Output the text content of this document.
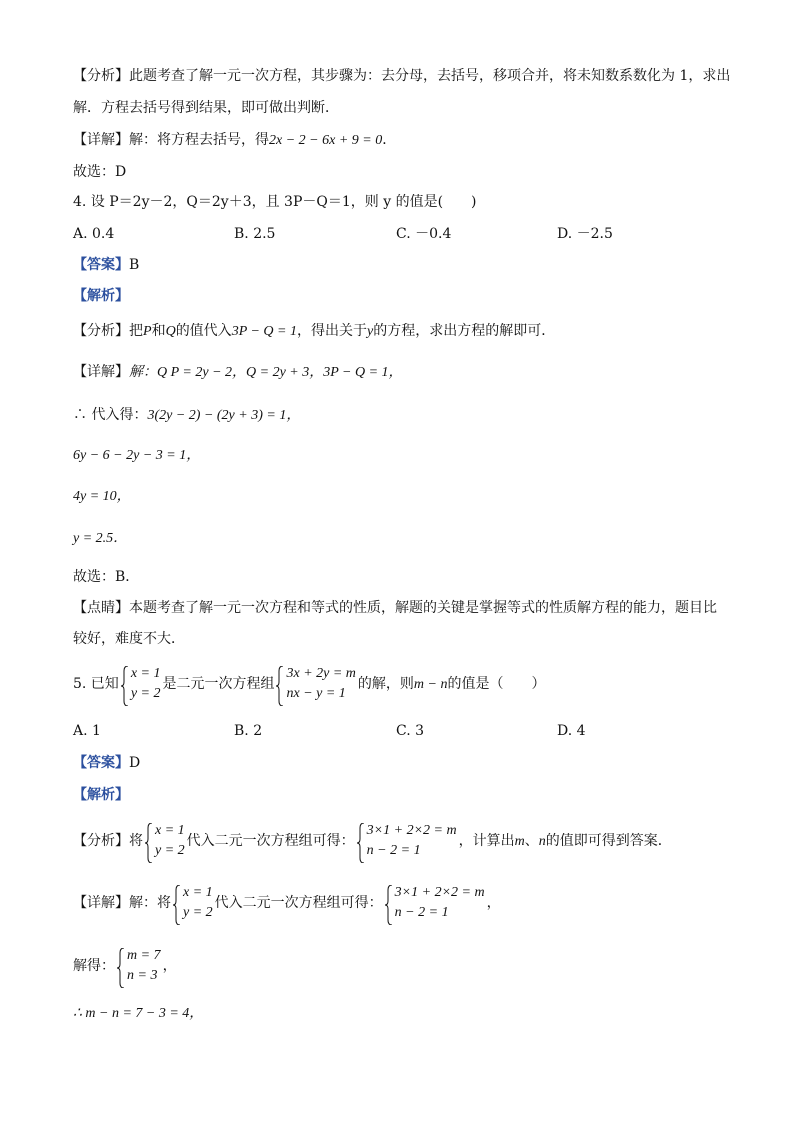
【分析】此题考查了解一元一次方程，其步骤为：去分母，去括号，移项合并，将未知数系数化为 1，求出
解．方程去括号得到结果，即可做出判断．
【详解】解：将方程去括号，得2x − 2 − 6x + 9 = 0．
故选：D
4. 设 P＝2y－2，Q＝2y＋3，且 3P－Q＝1，则 y 的值是(　　)
A. 0.4	B. 2.5	C. －0.4	D. －2.5
【答案】B
【解析】
【分析】把P和Q的值代入3P − Q = 1，得出关于y的方程，求出方程的解即可．
【详解】解：Q P = 2y − 2，Q = 2y + 3，3P − Q = 1，
∴ 代入得：3(2y − 2) − (2y + 3) = 1，
6y − 6 − 2y − 3 = 1，
4y = 10，
y = 2.5．
故选：B．
【点睛】本题考查了解一元一次方程和等式的性质，解题的关键是掌握等式的性质解方程的能力，题目比
较好，难度不大．
5. 已知
x = 1
y = 2
是二元一次方程组
3x + 2y = m
nx − y = 1
的解，则m − n的值是（　　）
A. 1	B. 2	C. 3	D. 4
【答案】D
【解析】
【分析】将
x = 1
y = 2
代入二元一次方程组可得：
3×1 + 2×2 = m
n − 2 = 1
，计算出m、n的值即可得到答案．
【详解】解：将
x = 1
y = 2
代入二元一次方程组可得：
3×1 + 2×2 = m
n − 2 = 1
，
解得：
m = 7
n = 3
，
∴ m − n = 7 − 3 = 4，
